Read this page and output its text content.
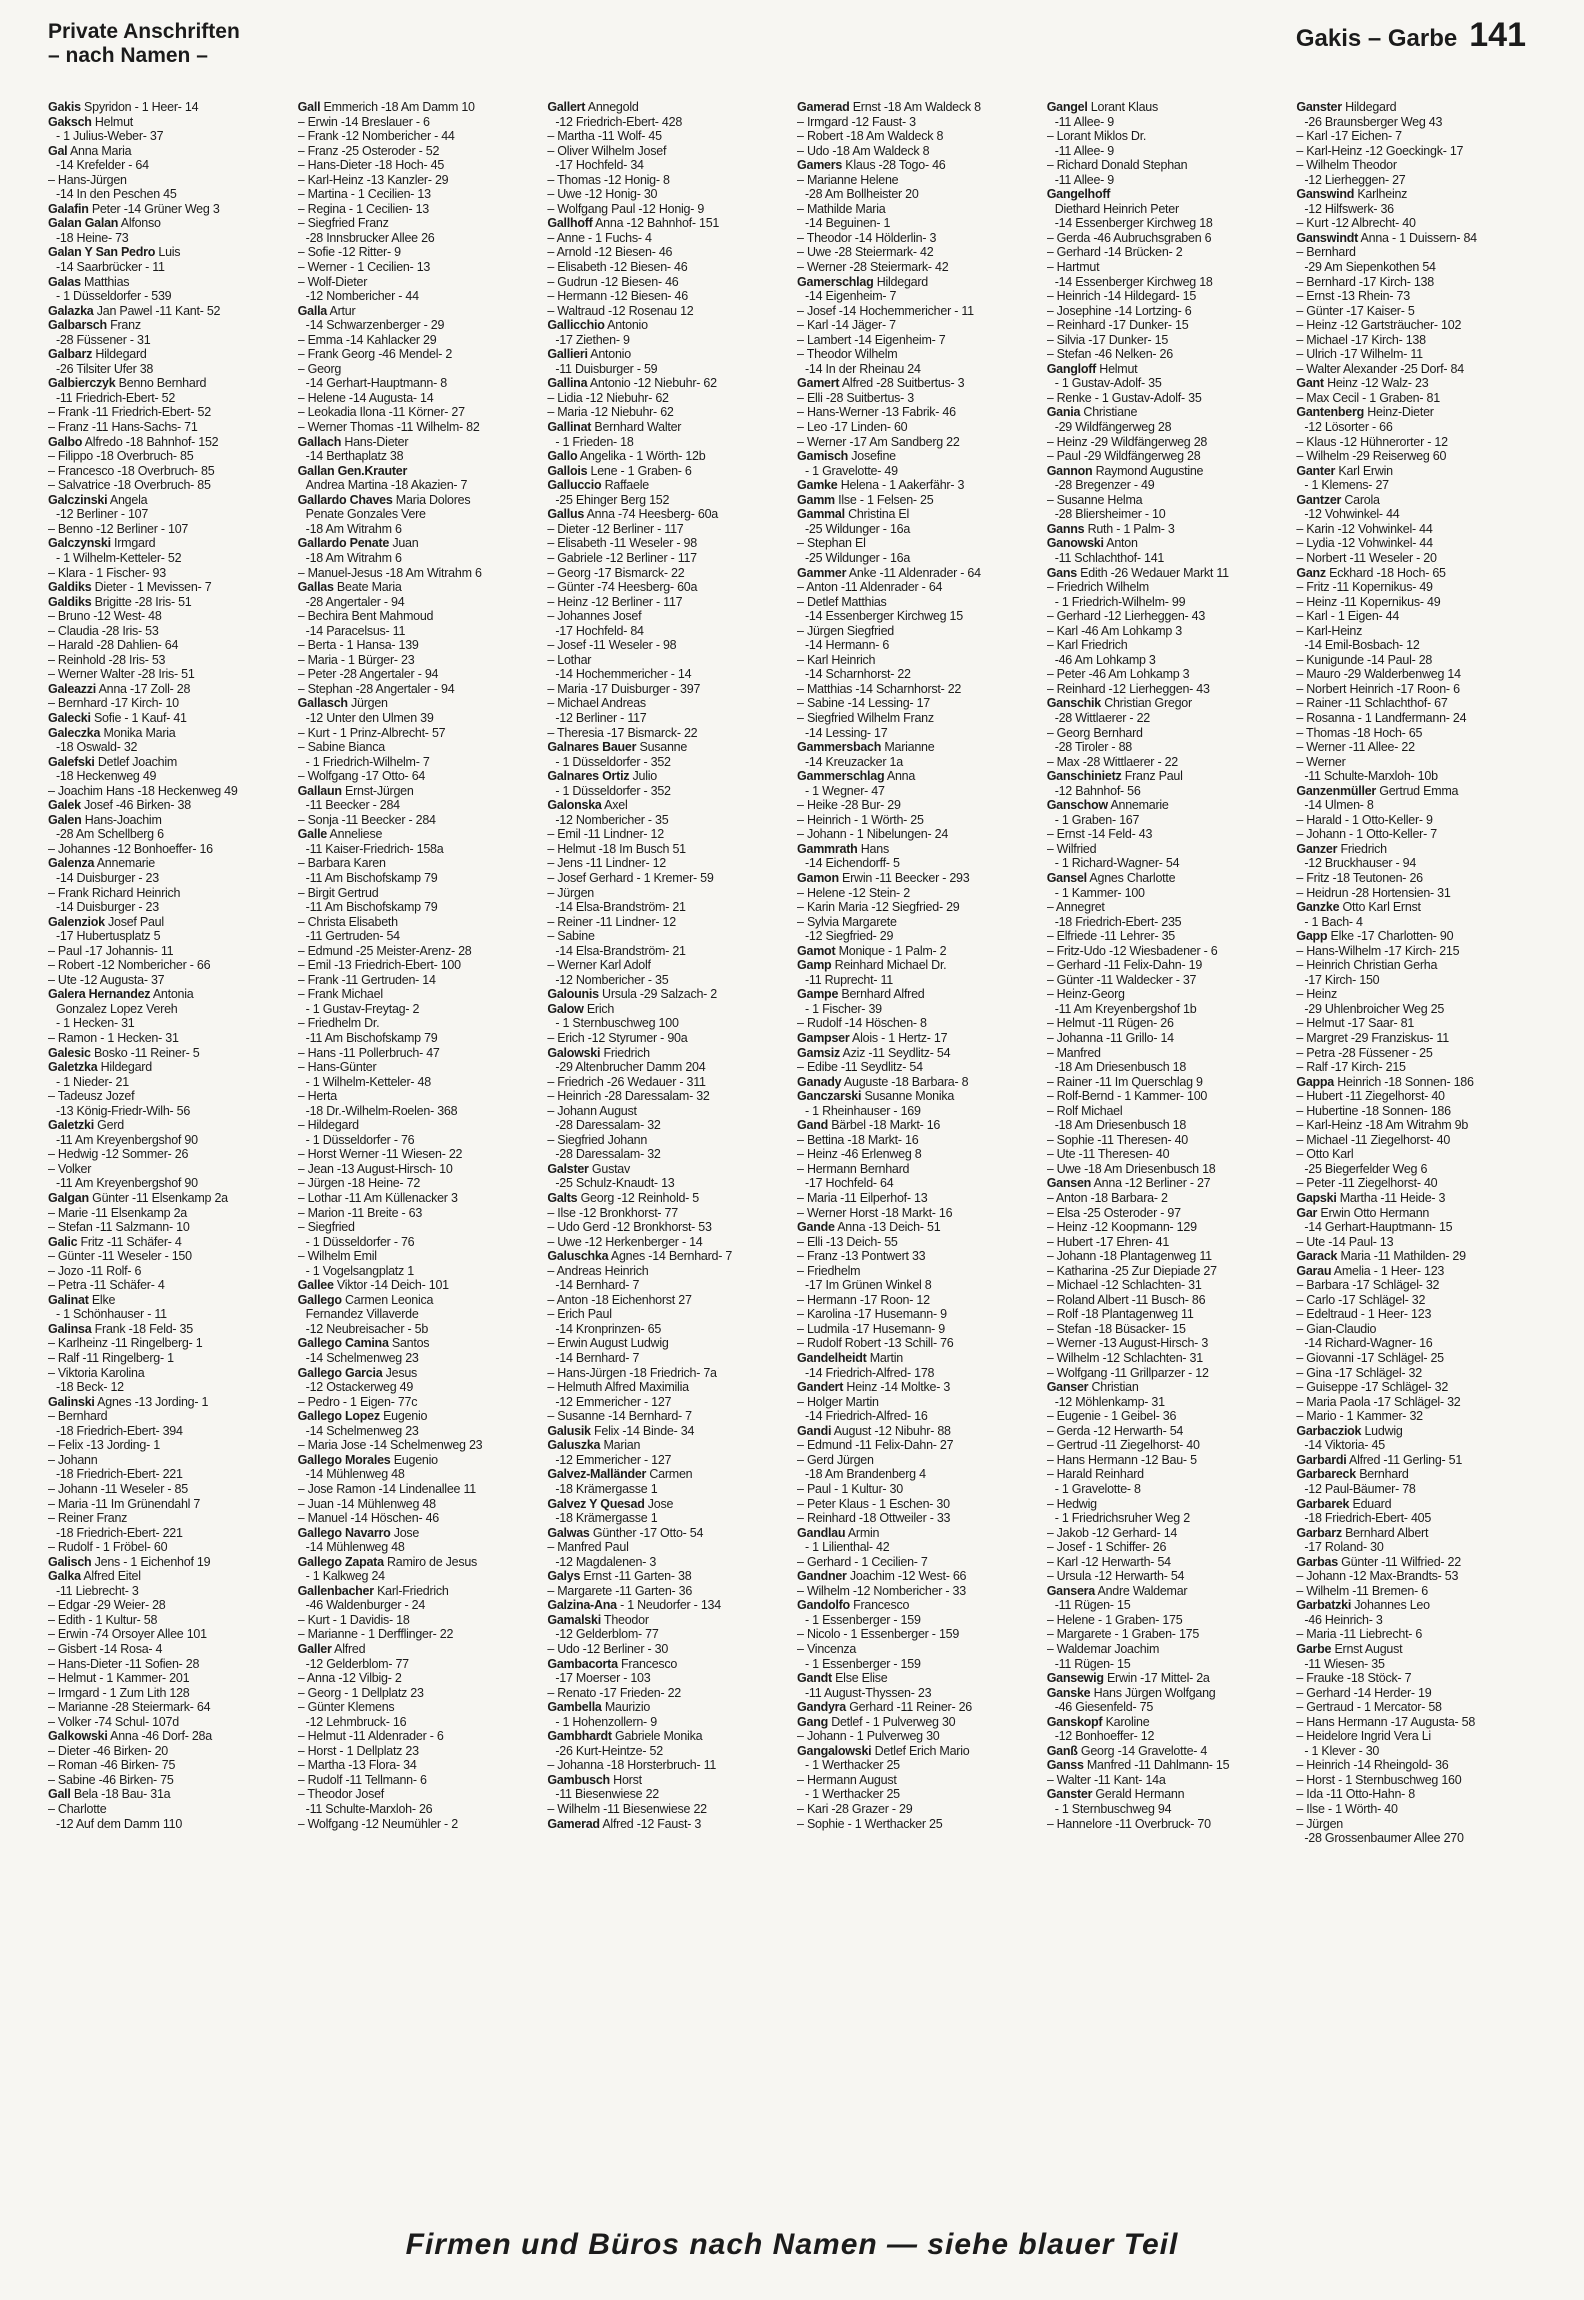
Private Anschriften
– nach Namen –
Gakis – Garbe 141
Gakis Spyridon - 1 Heer- 14
Gaksch Helmut
- 1 Julius-Weber- 37
Gal Anna Maria
-14 Krefelder - 64
– Hans-Jürgen
-14 In den Peschen 45
Galafin Peter -14 Grüner Weg 3
Galan Galan Alfonso
-18 Heine- 73
Galan Y San Pedro Luis
-14 Saarbrücker - 11
Galas Matthias
- 1 Düsseldorfer - 539
Galazka Jan Pawel -11 Kant- 52
Galbarsch Franz
-28 Füssener - 31
Galbarz Hildegard
-26 Tilsiter Ufer 38
Galbierczyk Benno Bernhard
-11 Friedrich-Ebert- 52
– Frank -11 Friedrich-Ebert- 52
– Franz -11 Hans-Sachs- 71
Galbo Alfredo -18 Bahnhof- 152
– Filippo -18 Overbruch- 85
– Francesco -18 Overbruch- 85
– Salvatrice -18 Overbruch- 85
Galczinski Angela
-12 Berliner - 107
– Benno -12 Berliner - 107
Galczynski Irmgard
- 1 Wilhelm-Ketteler- 52
– Klara - 1 Fischer- 93
Galdiks Dieter - 1 Mevissen- 7
Galdiks Brigitte -28 Iris- 51
– Bruno -12 West- 48
– Claudia -28 Iris- 53
– Harald -28 Dahlien- 64
– Reinhold -28 Iris- 53
– Werner Walter -28 Iris- 51
Galeazzi Anna -17 Zoll- 28
– Bernhard -17 Kirch- 10
Galecki Sofie - 1 Kauf- 41
Galeczka Monika Maria
-18 Oswald- 32
Galefski Detlef Joachim
-18 Heckenweg 49
– Joachim Hans -18 Heckenweg 49
Galek Josef -46 Birken- 38
Galen Hans-Joachim
-28 Am Schellberg 6
– Johannes -12 Bonhoeffer- 16
Galenza Annemarie
-14 Duisburger - 23
– Frank Richard Heinrich
-14 Duisburger - 23
Galenziok Josef Paul
-17 Hubertusplatz 5
– Paul -17 Johannis- 11
– Robert -12 Nombericher - 66
– Ute -12 Augusta- 37
Galera Hernandez Antonia
Gonzalez Lopez Vereh
- 1 Hecken- 31
– Ramon - 1 Hecken- 31
Galesic Bosko -11 Reiner- 5
Galetzka Hildegard
- 1 Nieder- 21
– Tadeusz Jozef
-13 König-Friedr-Wilh- 56
Galetzki Gerd
-11 Am Kreyenbergshof 90
– Hedwig -12 Sommer- 26
– Volker
-11 Am Kreyenbergshof 90
Galgan Günter -11 Elsenkamp 2a
– Marie -11 Elsenkamp 2a
– Stefan -11 Salzmann- 10
Galic Fritz -11 Schäfer- 4
– Günter -11 Weseler - 150
– Jozo -11 Rolf- 6
– Petra -11 Schäfer- 4
Galinat Elke
- 1 Schönhauser - 11
Galinsa Frank -18 Feld- 35
– Karlheinz -11 Ringelberg- 1
– Ralf -11 Ringelberg- 1
– Viktoria Karolina
-18 Beck- 12
Galinski Agnes -13 Jording- 1
– Bernhard
-18 Friedrich-Ebert- 394
– Felix -13 Jording- 1
– Johann
-18 Friedrich-Ebert- 221
– Johann -11 Weseler - 85
– Maria -11 Im Grünendahl 7
– Reiner Franz
-18 Friedrich-Ebert- 221
– Rudolf - 1 Fröbel- 60
Galisch Jens - 1 Eichenhof 19
Galka Alfred Eitel
-11 Liebrecht- 3
– Edgar -29 Weier- 28
– Edith - 1 Kultur- 58
– Erwin -74 Orsoyer Allee 101
– Gisbert -14 Rosa- 4
– Hans-Dieter -11 Sofien- 28
– Helmut - 1 Kammer- 201
– Irmgard - 1 Zum Lith 128
– Marianne -28 Steiermark- 64
– Volker -74 Schul- 107d
Galkowski Anna -46 Dorf- 28a
– Dieter -46 Birken- 20
– Roman -46 Birken- 75
– Sabine -46 Birken- 75
Gall Bela -18 Bau- 31a
– Charlotte
-12 Auf dem Damm 110
Gall Emmerich -18 Am Damm 10
– Erwin -14 Breslauer - 6
– Frank -12 Nombericher - 44
– Franz -25 Osteroder - 52
– Hans-Dieter -18 Hoch- 45
– Karl-Heinz -13 Kanzler- 29
– Martina - 1 Cecilien- 13
– Regina - 1 Cecilien- 13
– Siegfried Franz
-28 Innsbrucker Allee 26
– Sofie -12 Ritter- 9
– Werner - 1 Cecilien- 13
– Wolf-Dieter
-12 Nombericher - 44
Galla Artur
-14 Schwarzenberger - 29
– Emma -14 Kahlacker 29
– Frank Georg -46 Mendel- 2
– Georg
-14 Gerhart-Hauptmann- 8
– Helene -14 Augusta- 14
– Leokadia Ilona -11 Körner- 27
– Werner Thomas -11 Wilhelm- 82
Gallach Hans-Dieter
-14 Berthaplatz 38
Gallan Gen.Krauter
Andrea Martina -18 Akazien- 7
Gallardo Chaves Maria Dolores
Penate Gonzales Vere
-18 Am Witrahm 6
Gallardo Penate Juan
-18 Am Witrahm 6
– Manuel-Jesus -18 Am Witrahm 6
Gallas Beate Maria
-28 Angertaler - 94
– Bechira Bent Mahmoud
-14 Paracelsus- 11
– Berta - 1 Hansa- 139
– Maria - 1 Bürger- 23
– Peter -28 Angertaler - 94
– Stephan -28 Angertaler - 94
Gallasch Jürgen
-12 Unter den Ulmen 39
– Kurt - 1 Prinz-Albrecht- 57
– Sabine Bianca
- 1 Friedrich-Wilhelm- 7
– Wolfgang -17 Otto- 64
Gallaun Ernst-Jürgen
-11 Beecker - 284
– Sonja -11 Beecker - 284
Galle Anneliese
-11 Kaiser-Friedrich- 158a
– Barbara Karen
-11 Am Bischofskamp 79
– Birgit Gertrud
-11 Am Bischofskamp 79
– Christa Elisabeth
-11 Gertruden- 54
– Edmund -25 Meister-Arenz- 28
– Emil -13 Friedrich-Ebert- 100
– Frank -11 Gertruden- 14
– Frank Michael
- 1 Gustav-Freytag- 2
– Friedhelm Dr.
-11 Am Bischofskamp 79
– Hans -11 Pollerbruch- 47
– Hans-Günter
- 1 Wilhelm-Ketteler- 48
– Herta
-18 Dr.-Wilhelm-Roelen- 368
– Hildegard
- 1 Düsseldorfer - 76
– Horst Werner -11 Wiesen- 22
– Jean -13 August-Hirsch- 10
– Jürgen -18 Heine- 72
– Lothar -11 Am Küllenacker 3
– Marion -11 Breite - 63
– Siegfried
- 1 Düsseldorfer - 76
– Wilhelm Emil
- 1 Vogelsangplatz 1
Gallee Viktor -14 Deich- 101
Gallego Carmen Leonica
Fernandez Villaverde
-12 Neubreisacher - 5b
Gallego Camina Santos
-14 Schelmenweg 23
Gallego Garcia Jesus
-12 Ostackerweg 49
– Pedro - 1 Eigen- 77c
Gallego Lopez Eugenio
-14 Schelmenweg 23
– Maria Jose -14 Schelmenweg 23
Gallego Morales Eugenio
-14 Mühlenweg 48
– Jose Ramon -14 Lindenallee 11
– Juan -14 Mühlenweg 48
– Manuel -14 Höschen- 46
Gallego Navarro Jose
-14 Mühlenweg 48
Gallego Zapata Ramiro de Jesus
- 1 Kalkweg 24
Gallenbacher Karl-Friedrich
-46 Waldenburger - 24
– Kurt - 1 Davidis- 18
– Marianne - 1 Derfflinger- 22
Galler Alfred
-12 Gelderblom- 77
– Anna -12 Vilbig- 2
– Georg - 1 Dellplatz 23
– Günter Klemens
-12 Lehmbruck- 16
– Helmut -11 Aldenrader - 6
– Horst - 1 Dellplatz 23
– Martha -13 Flora- 34
– Rudolf -11 Tellmann- 6
– Theodor Josef
-11 Schulte-Marxloh- 26
– Wolfgang -12 Neumühler - 2
Gallert Annegold
-12 Friedrich-Ebert- 428
– Martha -11 Wolf- 45
– Oliver Wilhelm Josef
-17 Hochfeld- 34
– Thomas -12 Honig- 8
– Uwe -12 Honig- 30
– Wolfgang Paul -12 Honig- 9
Gallhoff Anna -12 Bahnhof- 151
– Anne - 1 Fuchs- 4
– Arnold -12 Biesen- 46
– Elisabeth -12 Biesen- 46
– Gudrun -12 Biesen- 46
– Hermann -12 Biesen- 46
– Waltraud -12 Rosenau 12
Gallicchio Antonio
-17 Ziethen- 9
Gallieri Antonio
-11 Duisburger - 59
Gallina Antonio -12 Niebuhr- 62
– Lidia -12 Niebuhr- 62
– Maria -12 Niebuhr- 62
Gallinat Bernhard Walter
- 1 Frieden- 18
Gallo Angelika - 1 Wörth- 12b
Gallois Lene - 1 Graben- 6
Galluccio Raffaele
-25 Ehinger Berg 152
Gallus Anna -74 Heesberg- 60a
– Dieter -12 Berliner - 117
– Elisabeth -11 Weseler - 98
– Gabriele -12 Berliner - 117
– Georg -17 Bismarck- 22
– Günter -74 Heesberg- 60a
– Heinz -12 Berliner - 117
– Johannes Josef
-17 Hochfeld- 84
– Josef -11 Weseler - 98
– Lothar
-14 Hochemmericher - 14
– Maria -17 Duisburger - 397
– Michael Andreas
-12 Berliner - 117
– Theresia -17 Bismarck- 22
Galnares Bauer Susanne
- 1 Düsseldorfer - 352
Galnares Ortiz Julio
- 1 Düsseldorfer - 352
Galonska Axel
-12 Nombericher - 35
– Emil -11 Lindner- 12
– Helmut -18 Im Busch 51
– Jens -11 Lindner- 12
– Josef Gerhard - 1 Kremer- 59
– Jürgen
-14 Elsa-Brandström- 21
– Reiner -11 Lindner- 12
– Sabine
-14 Elsa-Brandström- 21
– Werner Karl Adolf
-12 Nombericher - 35
Galounis Ursula -29 Salzach- 2
Galow Erich
- 1 Sternbuschweg 100
– Erich -12 Styrumer - 90a
Galowski Friedrich
-29 Altenbrucher Damm 204
– Friedrich -26 Wedauer - 311
– Heinrich -28 Daressalam- 32
– Johann August
-28 Daressalam- 32
– Siegfried Johann
-28 Daressalam- 32
Galster Gustav
-25 Schulz-Knaudt- 13
Galts Georg -12 Reinhold- 5
– Ilse -12 Bronkhorst- 77
– Udo Gerd -12 Bronkhorst- 53
– Uwe -12 Herkenberger - 14
Galuschka Agnes -14 Bernhard- 7
– Andreas Heinrich
-14 Bernhard- 7
– Anton -18 Eichenhorst 27
– Erich Paul
-14 Kronprinzen- 65
– Erwin August Ludwig
-14 Bernhard- 7
– Hans-Jürgen -18 Friedrich- 7a
– Helmuth Alfred Maximilia
-12 Emmericher - 127
– Susanne -14 Bernhard- 7
Galusik Felix -14 Binde- 34
Galuszka Marian
-12 Emmericher - 127
Galvez-Malländer Carmen
-18 Krämergasse 1
Galvez Y Quesad Jose
-18 Krämergasse 1
Galwas Günther -17 Otto- 54
– Manfred Paul
-12 Magdalenen- 3
Galys Ernst -11 Garten- 38
– Margarete -11 Garten- 36
Galzina-Ana - 1 Neudorfer - 134
Gamalski Theodor
-12 Gelderblom- 77
– Udo -12 Berliner - 30
Gambacorta Francesco
-17 Moerser - 103
– Renato -17 Frieden- 22
Gambella Maurizio
- 1 Hohenzollern- 9
Gambhardt Gabriele Monika
-26 Kurt-Heintze- 52
– Johanna -18 Horsterbruch- 11
Gambusch Horst
-11 Biesenwiese 22
– Wilhelm -11 Biesenwiese 22
Gamerad Alfred -12 Faust- 3
Gamerad Ernst -18 Am Waldeck 8
– Irmgard -12 Faust- 3
– Robert -18 Am Waldeck 8
– Udo -18 Am Waldeck 8
Gamers Klaus -28 Togo- 46
– Marianne Helene
-28 Am Bollheister 20
– Mathilde Maria
-14 Beguinen- 1
– Theodor -14 Hölderlin- 3
– Uwe -28 Steiermark- 42
– Werner -28 Steiermark- 42
Gamerschlag Hildegard
-14 Eigenheim- 7
– Josef -14 Hochemmericher - 11
– Karl -14 Jäger- 7
– Lambert -14 Eigenheim- 7
– Theodor Wilhelm
-14 In der Rheinau 24
Gamert Alfred -28 Suitbertus- 3
– Elli -28 Suitbertus- 3
– Hans-Werner -13 Fabrik- 46
– Leo -17 Linden- 60
– Werner -17 Am Sandberg 22
Gamisch Josefine
- 1 Gravelotte- 49
Gamke Helena - 1 Aakerfähr- 3
Gamm Ilse - 1 Felsen- 25
Gammal Christina El
-25 Wildunger - 16a
– Stephan El
-25 Wildunger - 16a
Gammer Anke -11 Aldenrader - 64
– Anton -11 Aldenrader - 64
– Detlef Matthias
-14 Essenberger Kirchweg 15
– Jürgen Siegfried
-14 Hermann- 6
– Karl Heinrich
-14 Scharnhorst- 22
– Matthias -14 Scharnhorst- 22
– Sabine -14 Lessing- 17
– Siegfried Wilhelm Franz
-14 Lessing- 17
Gammersbach Marianne
-14 Kreuzacker 1a
Gammerschlag Anna
- 1 Wegner- 47
– Heike -28 Bur- 29
– Heinrich - 1 Wörth- 25
– Johann - 1 Nibelungen- 24
Gammrath Hans
-14 Eichendorff- 5
Gamon Erwin -11 Beecker - 293
– Helene -12 Stein- 2
– Karin Maria -12 Siegfried- 29
– Sylvia Margarete
-12 Siegfried- 29
Gamot Monique - 1 Palm- 2
Gamp Reinhard Michael Dr.
-11 Ruprecht- 11
Gampe Bernhard Alfred
- 1 Fischer- 39
– Rudolf -14 Höschen- 8
Gampser Alois - 1 Hertz- 17
Gamsiz Aziz -11 Seydlitz- 54
– Edibe -11 Seydlitz- 54
Ganady Auguste -18 Barbara- 8
Ganczarski Susanne Monika
- 1 Rheinhauser - 169
Gand Bärbel -18 Markt- 16
– Bettina -18 Markt- 16
– Heinz -46 Erlenweg 8
– Hermann Bernhard
-17 Hochfeld- 64
– Maria -11 Eilperhof- 13
– Werner Horst -18 Markt- 16
Gande Anna -13 Deich- 51
– Elli -13 Deich- 55
– Franz -13 Pontwert 33
– Friedhelm
-17 Im Grünen Winkel 8
– Hermann -17 Roon- 12
– Karolina -17 Husemann- 9
– Ludmila -17 Husemann- 9
– Rudolf Robert -13 Schill- 76
Gandelheidt Martin
-14 Friedrich-Alfred- 178
Gandert Heinz -14 Moltke- 3
– Holger Martin
-14 Friedrich-Alfred- 16
Gandi August -12 Nibuhr- 88
– Edmund -11 Felix-Dahn- 27
– Gerd Jürgen
-18 Am Brandenberg 4
– Paul - 1 Kultur- 30
– Peter Klaus - 1 Eschen- 30
– Reinhard -18 Ottweiler - 33
Gandlau Armin
- 1 Lilienthal- 42
– Gerhard - 1 Cecilien- 7
Gandner Joachim -12 West- 66
– Wilhelm -12 Nombericher - 33
Gandolfo Francesco
- 1 Essenberger - 159
– Nicolo - 1 Essenberger - 159
– Vincenza
- 1 Essenberger - 159
Gandt Else Elise
-11 August-Thyssen- 23
Gandyra Gerhard -11 Reiner- 26
Gang Detlef - 1 Pulverweg 30
– Johann - 1 Pulverweg 30
Gangalowski Detlef Erich Mario
- 1 Werthacker 25
– Hermann August
- 1 Werthacker 25
– Kari -28 Grazer - 29
– Sophie - 1 Werthacker 25
Gangel Lorant Klaus
-11 Allee- 9
– Lorant Miklos Dr.
-11 Allee- 9
– Richard Donald Stephan
-11 Allee- 9
Gangelhoff
Diethard Heinrich Peter
-14 Essenberger Kirchweg 18
– Gerda -46 Aubruchsgraben 6
– Gerhard -14 Brücken- 2
– Hartmut
-14 Essenberger Kirchweg 18
– Heinrich -14 Hildegard- 15
– Josephine -14 Lortzing- 6
– Reinhard -17 Dunker- 15
– Silvia -17 Dunker- 15
– Stefan -46 Nelken- 26
Gangloff Helmut
- 1 Gustav-Adolf- 35
– Renke - 1 Gustav-Adolf- 35
Gania Christiane
-29 Wildfängerweg 28
– Heinz -29 Wildfängerweg 28
– Paul -29 Wildfängerweg 28
Gannon Raymond Augustine
-28 Bregenzer - 49
– Susanne Helma
-28 Bliersheimer - 10
Ganns Ruth - 1 Palm- 3
Ganowski Anton
-11 Schlachthof- 141
Gans Edith -26 Wedauer Markt 11
– Friedrich Wilhelm
- 1 Friedrich-Wilhelm- 99
– Gerhard -12 Lierheggen- 43
– Karl -46 Am Lohkamp 3
– Karl Friedrich
-46 Am Lohkamp 3
– Peter -46 Am Lohkamp 3
– Reinhard -12 Lierheggen- 43
Ganschik Christian Gregor
-28 Wittlaerer - 22
– Georg Bernhard
-28 Tiroler - 88
– Max -28 Wittlaerer - 22
Ganschinietz Franz Paul
-12 Bahnhof- 56
Ganschow Annemarie
- 1 Graben- 167
– Ernst -14 Feld- 43
– Wilfried
- 1 Richard-Wagner- 54
Gansel Agnes Charlotte
- 1 Kammer- 100
– Annegret
-18 Friedrich-Ebert- 235
– Elfriede -11 Lehrer- 35
– Fritz-Udo -12 Wiesbadener - 6
– Gerhard -11 Felix-Dahn- 19
– Günter -11 Waldecker - 37
– Heinz-Georg
-11 Am Kreyenbergshof 1b
– Helmut -11 Rügen- 26
– Johanna -11 Grillo- 14
– Manfred
-18 Am Driesenbusch 18
– Rainer -11 Im Querschlag 9
– Rolf-Bernd - 1 Kammer- 100
– Rolf Michael
-18 Am Driesenbusch 18
– Sophie -11 Theresen- 40
– Ute -11 Theresen- 40
– Uwe -18 Am Driesenbusch 18
Gansen Anna -12 Berliner - 27
– Anton -18 Barbara- 2
– Elsa -25 Osteroder - 97
– Heinz -12 Koopmann- 129
– Hubert -17 Ehren- 41
– Johann -18 Plantagenweg 11
– Katharina -25 Zur Diepiade 27
– Michael -12 Schlachten- 31
– Roland Albert -11 Busch- 86
– Rolf -18 Plantagenweg 11
– Stefan -18 Büsacker- 15
– Werner -13 August-Hirsch- 3
– Wilhelm -12 Schlachten- 31
– Wolfgang -11 Grillparzer - 12
Ganser Christian
-12 Möhlenkamp- 31
– Eugenie - 1 Geibel- 36
– Gerda -12 Herwarth- 54
– Gertrud -11 Ziegelhorst- 40
– Hans Hermann -12 Bau- 5
– Harald Reinhard
- 1 Gravelotte- 8
– Hedwig
- 1 Friedrichsruher Weg 2
– Jakob -12 Gerhard- 14
– Josef - 1 Schiffer- 26
– Karl -12 Herwarth- 54
– Ursula -12 Herwarth- 54
Gansera Andre Waldemar
-11 Rügen- 15
– Helene - 1 Graben- 175
– Margarete - 1 Graben- 175
– Waldemar Joachim
-11 Rügen- 15
Gansewig Erwin -17 Mittel- 2a
Ganske Hans Jürgen Wolfgang
-46 Giesenfeld- 75
Ganskopf Karoline
-12 Bonhoeffer- 12
Ganß Georg -14 Gravelotte- 4
Ganss Manfred -11 Dahlmann- 15
– Walter -11 Kant- 14a
Ganster Gerald Hermann
- 1 Sternbuschweg 94
– Hannelore -11 Overbruck- 70
Ganster Hildegard
-26 Braunsberger Weg 43
– Karl -17 Eichen- 7
– Karl-Heinz -12 Goeckingk- 17
– Wilhelm Theodor
-12 Lierheggen- 27
Ganswind Karlheinz
-12 Hilfswerk- 36
– Kurt -12 Albrecht- 40
Ganswindt Anna - 1 Duissern- 84
– Bernhard
-29 Am Siepenkothen 54
– Bernhard -17 Kirch- 138
– Ernst -13 Rhein- 73
– Günter -17 Kaiser- 5
– Heinz -12 Gartsträucher- 102
– Michael -17 Kirch- 138
– Ulrich -17 Wilhelm- 11
– Walter Alexander -25 Dorf- 84
Gant Heinz -12 Walz- 23
– Max Cecil - 1 Graben- 81
Gantenberg Heinz-Dieter
-12 Lösorter - 66
– Klaus -12 Hühnerorter - 12
– Wilhelm -29 Reiserweg 60
Ganter Karl Erwin
- 1 Klemens- 27
Gantzer Carola
-12 Vohwinkel- 44
– Karin -12 Vohwinkel- 44
– Lydia -12 Vohwinkel- 44
– Norbert -11 Weseler - 20
Ganz Eckhard -18 Hoch- 65
– Fritz -11 Kopernikus- 49
– Heinz -11 Kopernikus- 49
– Karl - 1 Eigen- 44
– Karl-Heinz
-14 Emil-Bosbach- 12
– Kunigunde -14 Paul- 28
– Mauro -29 Walderbenweg 14
– Norbert Heinrich -17 Roon- 6
– Rainer -11 Schlachthof- 67
– Rosanna - 1 Landfermann- 24
– Thomas -18 Hoch- 65
– Werner -11 Allee- 22
– Werner
-11 Schulte-Marxloh- 10b
Ganzenmüller Gertrud Emma
-14 Ulmen- 8
– Harald - 1 Otto-Keller- 9
– Johann - 1 Otto-Keller- 7
Ganzer Friedrich
-12 Bruckhauser - 94
– Fritz -18 Teutonen- 26
– Heidrun -28 Hortensien- 31
Ganzke Otto Karl Ernst
- 1 Bach- 4
Gapp Elke -17 Charlotten- 90
– Hans-Wilhelm -17 Kirch- 215
– Heinrich Christian Gerha
-17 Kirch- 150
– Heinz
-29 Uhlenbroicher Weg 25
– Helmut -17 Saar- 81
– Margret -29 Franziskus- 11
– Petra -28 Füssener - 25
– Ralf -17 Kirch- 215
Gappa Heinrich -18 Sonnen- 186
– Hubert -11 Ziegelhorst- 40
– Hubertine -18 Sonnen- 186
– Karl-Heinz -18 Am Witrahm 9b
– Michael -11 Ziegelhorst- 40
– Otto Karl
-25 Biegerfelder Weg 6
– Peter -11 Ziegelhorst- 40
Gapski Martha -11 Heide- 3
Gar Erwin Otto Hermann
-14 Gerhart-Hauptmann- 15
– Ute -14 Paul- 13
Garack Maria -11 Mathilden- 29
Garau Amelia - 1 Heer- 123
– Barbara -17 Schlägel- 32
– Carlo -17 Schlägel- 32
– Edeltraud - 1 Heer- 123
– Gian-Claudio
-14 Richard-Wagner- 16
– Giovanni -17 Schlägel- 25
– Gina -17 Schlägel- 32
– Guiseppe -17 Schlägel- 32
– Maria Paola -17 Schlägel- 32
– Mario - 1 Kammer- 32
Garbacziok Ludwig
-14 Viktoria- 45
Garbardi Alfred -11 Gerling- 51
Garbareck Bernhard
-12 Paul-Bäumer- 78
Garbarek Eduard
-18 Friedrich-Ebert- 405
Garbarz Bernhard Albert
-17 Roland- 30
Garbas Günter -11 Wilfried- 22
– Johann -12 Max-Brandts- 53
– Wilhelm -11 Bremen- 6
Garbatzki Johannes Leo
-46 Heinrich- 3
– Maria -11 Liebrecht- 6
Garbe Ernst August
-11 Wiesen- 35
– Frauke -18 Stöck- 7
– Gerhard -14 Herder- 19
– Gertraud - 1 Mercator- 58
– Hans Hermann -17 Augusta- 58
– Heidelore Ingrid Vera Li
- 1 Klever - 30
– Heinrich -14 Rheingold- 36
– Horst - 1 Sternbuschweg 160
– Ida -11 Otto-Hahn- 8
– Ilse - 1 Wörth- 40
– Jürgen
-28 Grossenbaumer Allee 270
Firmen und Büros nach Namen — siehe blauer Teil
